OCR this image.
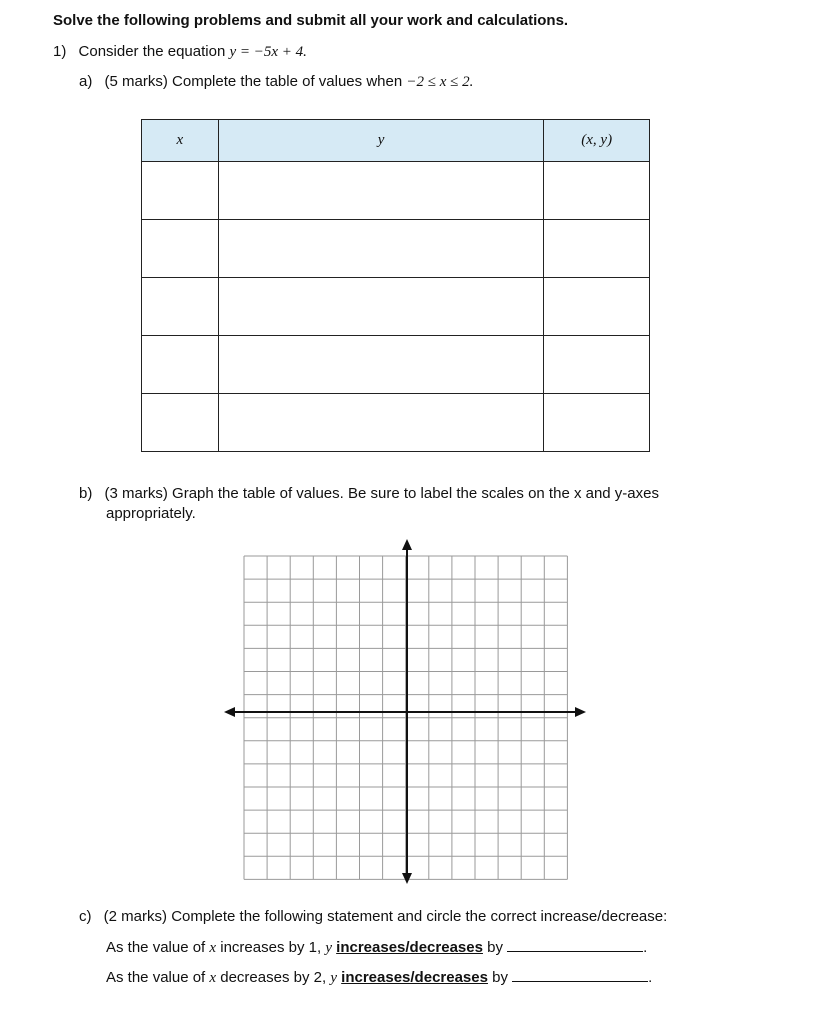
Solve the following problems and submit all your work and calculations.
1) Consider the equation y = −5x + 4.
a) (5 marks) Complete the table of values when −2 ≤ x ≤ 2.
x	y	(x, y)

b) (3 marks) Graph the table of values. Be sure to label the scales on the x and y-axes
appropriately.
c) (2 marks) Complete the following statement and circle the correct increase/decrease:
As the value of x increases by 1, y increases/decreases by	.
As the value of x decreases by 2, y increases/decreases by	.
